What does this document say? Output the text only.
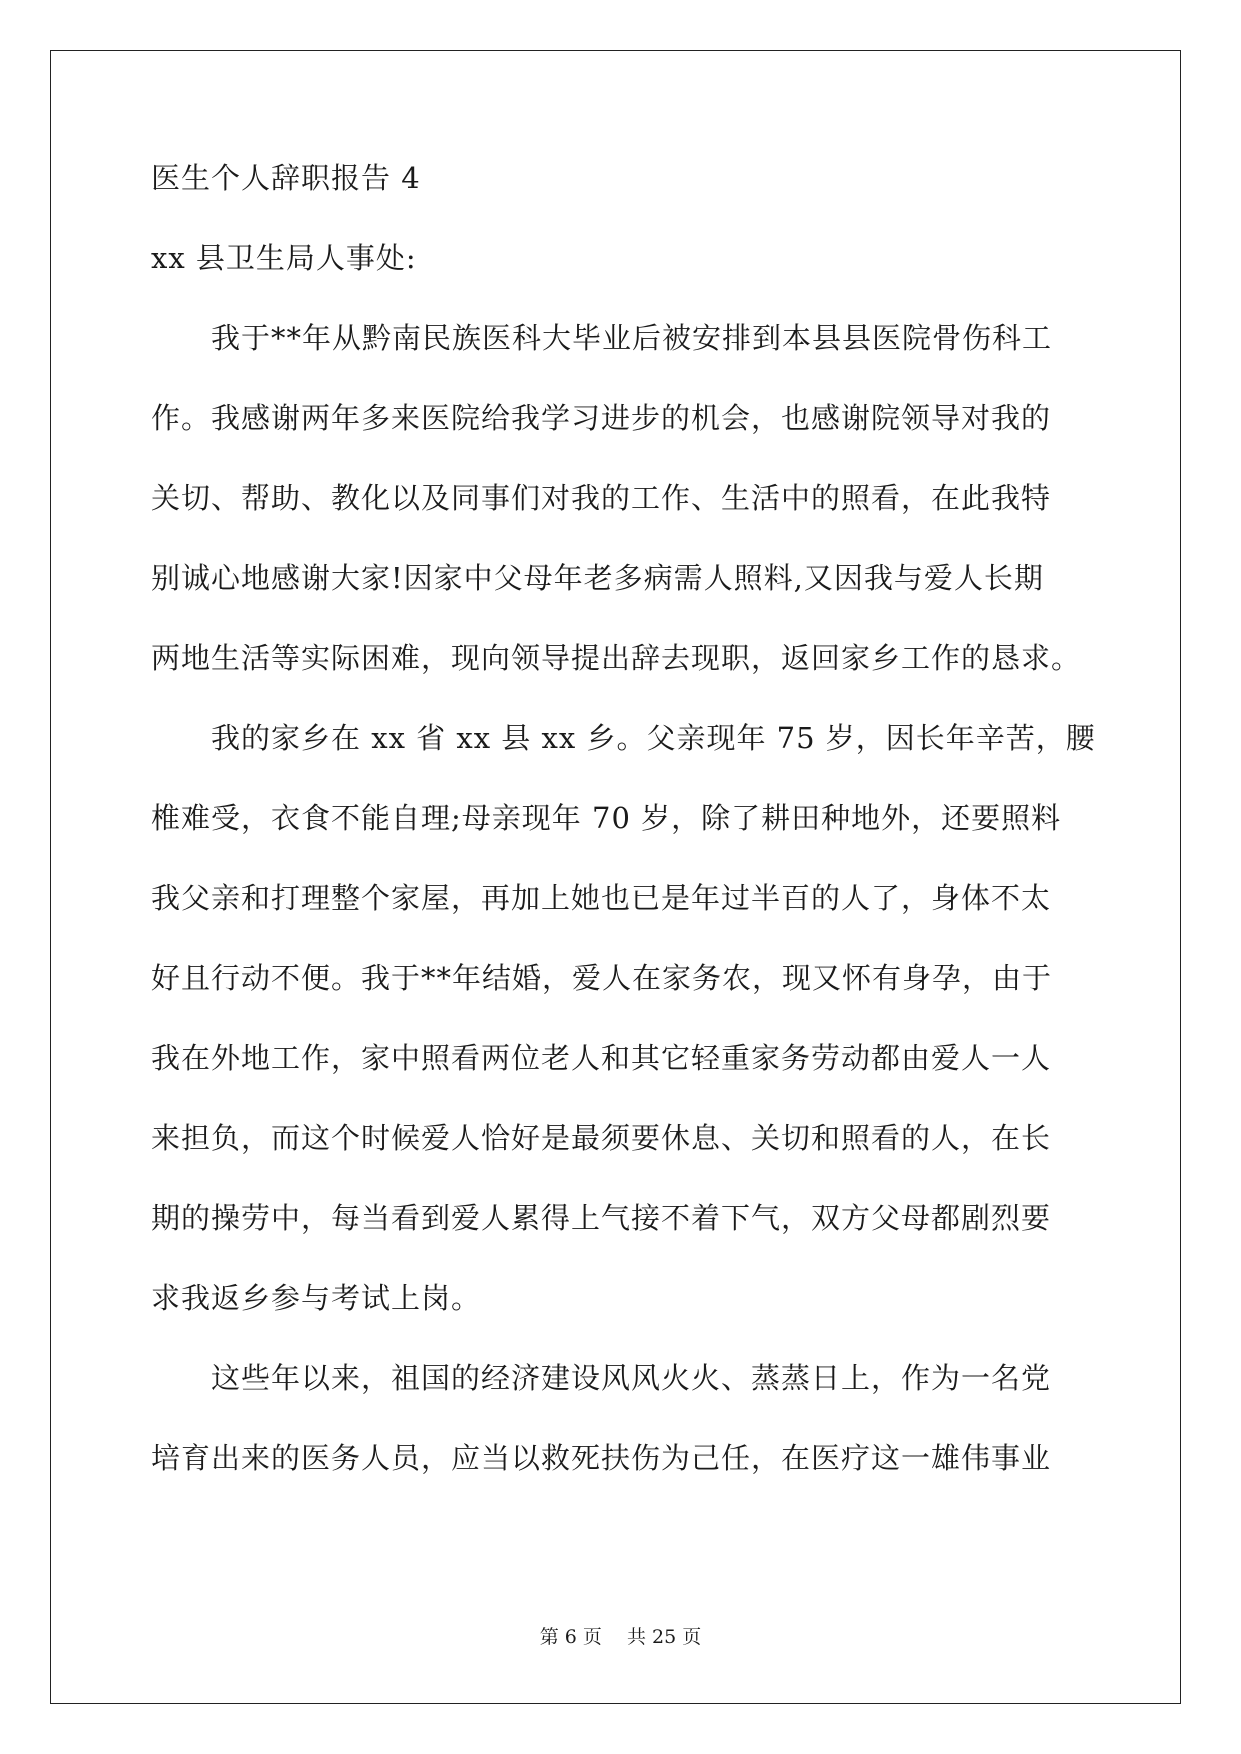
医生个人辞职报告 4
xx 县卫生局人事处:
　　我于**年从黔南民族医科大毕业后被安排到本县县医院骨伤科工
作。我感谢两年多来医院给我学习进步的机会，也感谢院领导对我的
关切、帮助、教化以及同事们对我的工作、生活中的照看，在此我特
别诚心地感谢大家!因家中父母年老多病需人照料,又因我与爱人长期
两地生活等实际困难，现向领导提出辞去现职，返回家乡工作的恳求。
　　我的家乡在 xx 省 xx 县 xx 乡。父亲现年 75 岁，因长年辛苦，腰
椎难受，衣食不能自理;母亲现年 70 岁，除了耕田种地外，还要照料
我父亲和打理整个家屋，再加上她也已是年过半百的人了，身体不太
好且行动不便。我于**年结婚，爱人在家务农，现又怀有身孕，由于
我在外地工作，家中照看两位老人和其它轻重家务劳动都由爱人一人
来担负，而这个时候爱人恰好是最须要休息、关切和照看的人，在长
期的操劳中，每当看到爱人累得上气接不着下气，双方父母都剧烈要
求我返乡参与考试上岗。
　　这些年以来，祖国的经济建设风风火火、蒸蒸日上，作为一名党
培育出来的医务人员，应当以救死扶伤为己任，在医疗这一雄伟事业
第 6 页　 共 25 页
